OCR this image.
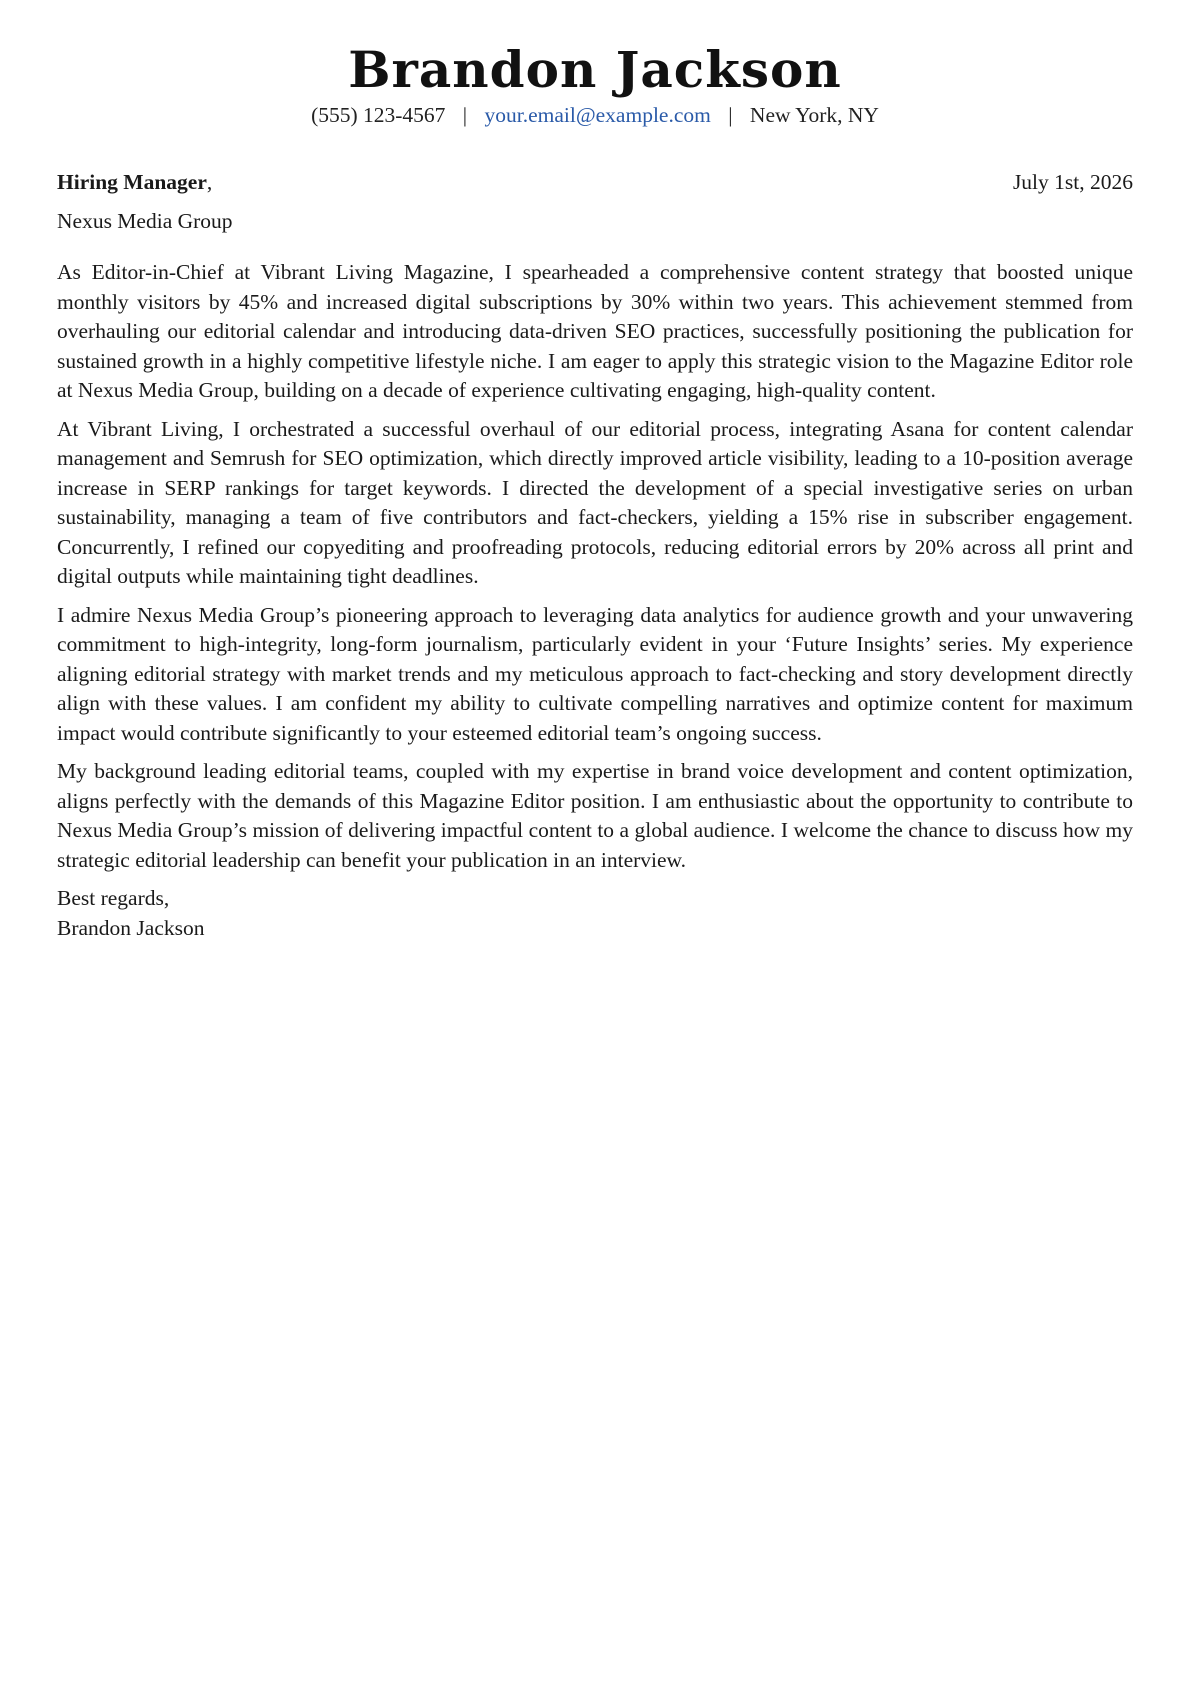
Brandon Jackson
(555) 123-4567 | your.email@example.com | New York, NY
Hiring Manager,	July 1st, 2026
Nexus Media Group

As Editor-in-Chief at Vibrant Living Magazine, I spearheaded a comprehensive content strategy that boosted unique monthly visitors by 45% and increased digital subscriptions by 30% within two years. This achievement stemmed from overhauling our editorial calendar and introducing data-driven SEO practices, successfully positioning the publication for sustained growth in a highly competitive lifestyle niche. I am eager to apply this strategic vision to the Magazine Editor role at Nexus Media Group, building on a decade of experience cultivating engaging, high-quality content.

At Vibrant Living, I orchestrated a successful overhaul of our editorial process, integrating Asana for content calendar management and Semrush for SEO optimization, which directly improved article visibility, leading to a 10-position average increase in SERP rankings for target keywords. I directed the development of a special investigative series on urban sustainability, managing a team of five contributors and fact-checkers, yielding a 15% rise in subscriber engagement. Concurrently, I refined our copyediting and proofreading protocols, reducing editorial errors by 20% across all print and digital outputs while maintaining tight deadlines.

I admire Nexus Media Group’s pioneering approach to leveraging data analytics for audience growth and your unwavering commitment to high-integrity, long-form journalism, particularly evident in your ‘Future Insights’ series. My experience aligning editorial strategy with market trends and my meticulous approach to fact-checking and story development directly align with these values. I am confident my ability to cultivate compelling narratives and optimize content for maximum impact would contribute significantly to your esteemed editorial team’s ongoing success.

My background leading editorial teams, coupled with my expertise in brand voice development and content optimization, aligns perfectly with the demands of this Magazine Editor position. I am enthusiastic about the opportunity to contribute to Nexus Media Group’s mission of delivering impactful content to a global audience. I welcome the chance to discuss how my strategic editorial leadership can benefit your publication in an interview.

Best regards,
Brandon Jackson
